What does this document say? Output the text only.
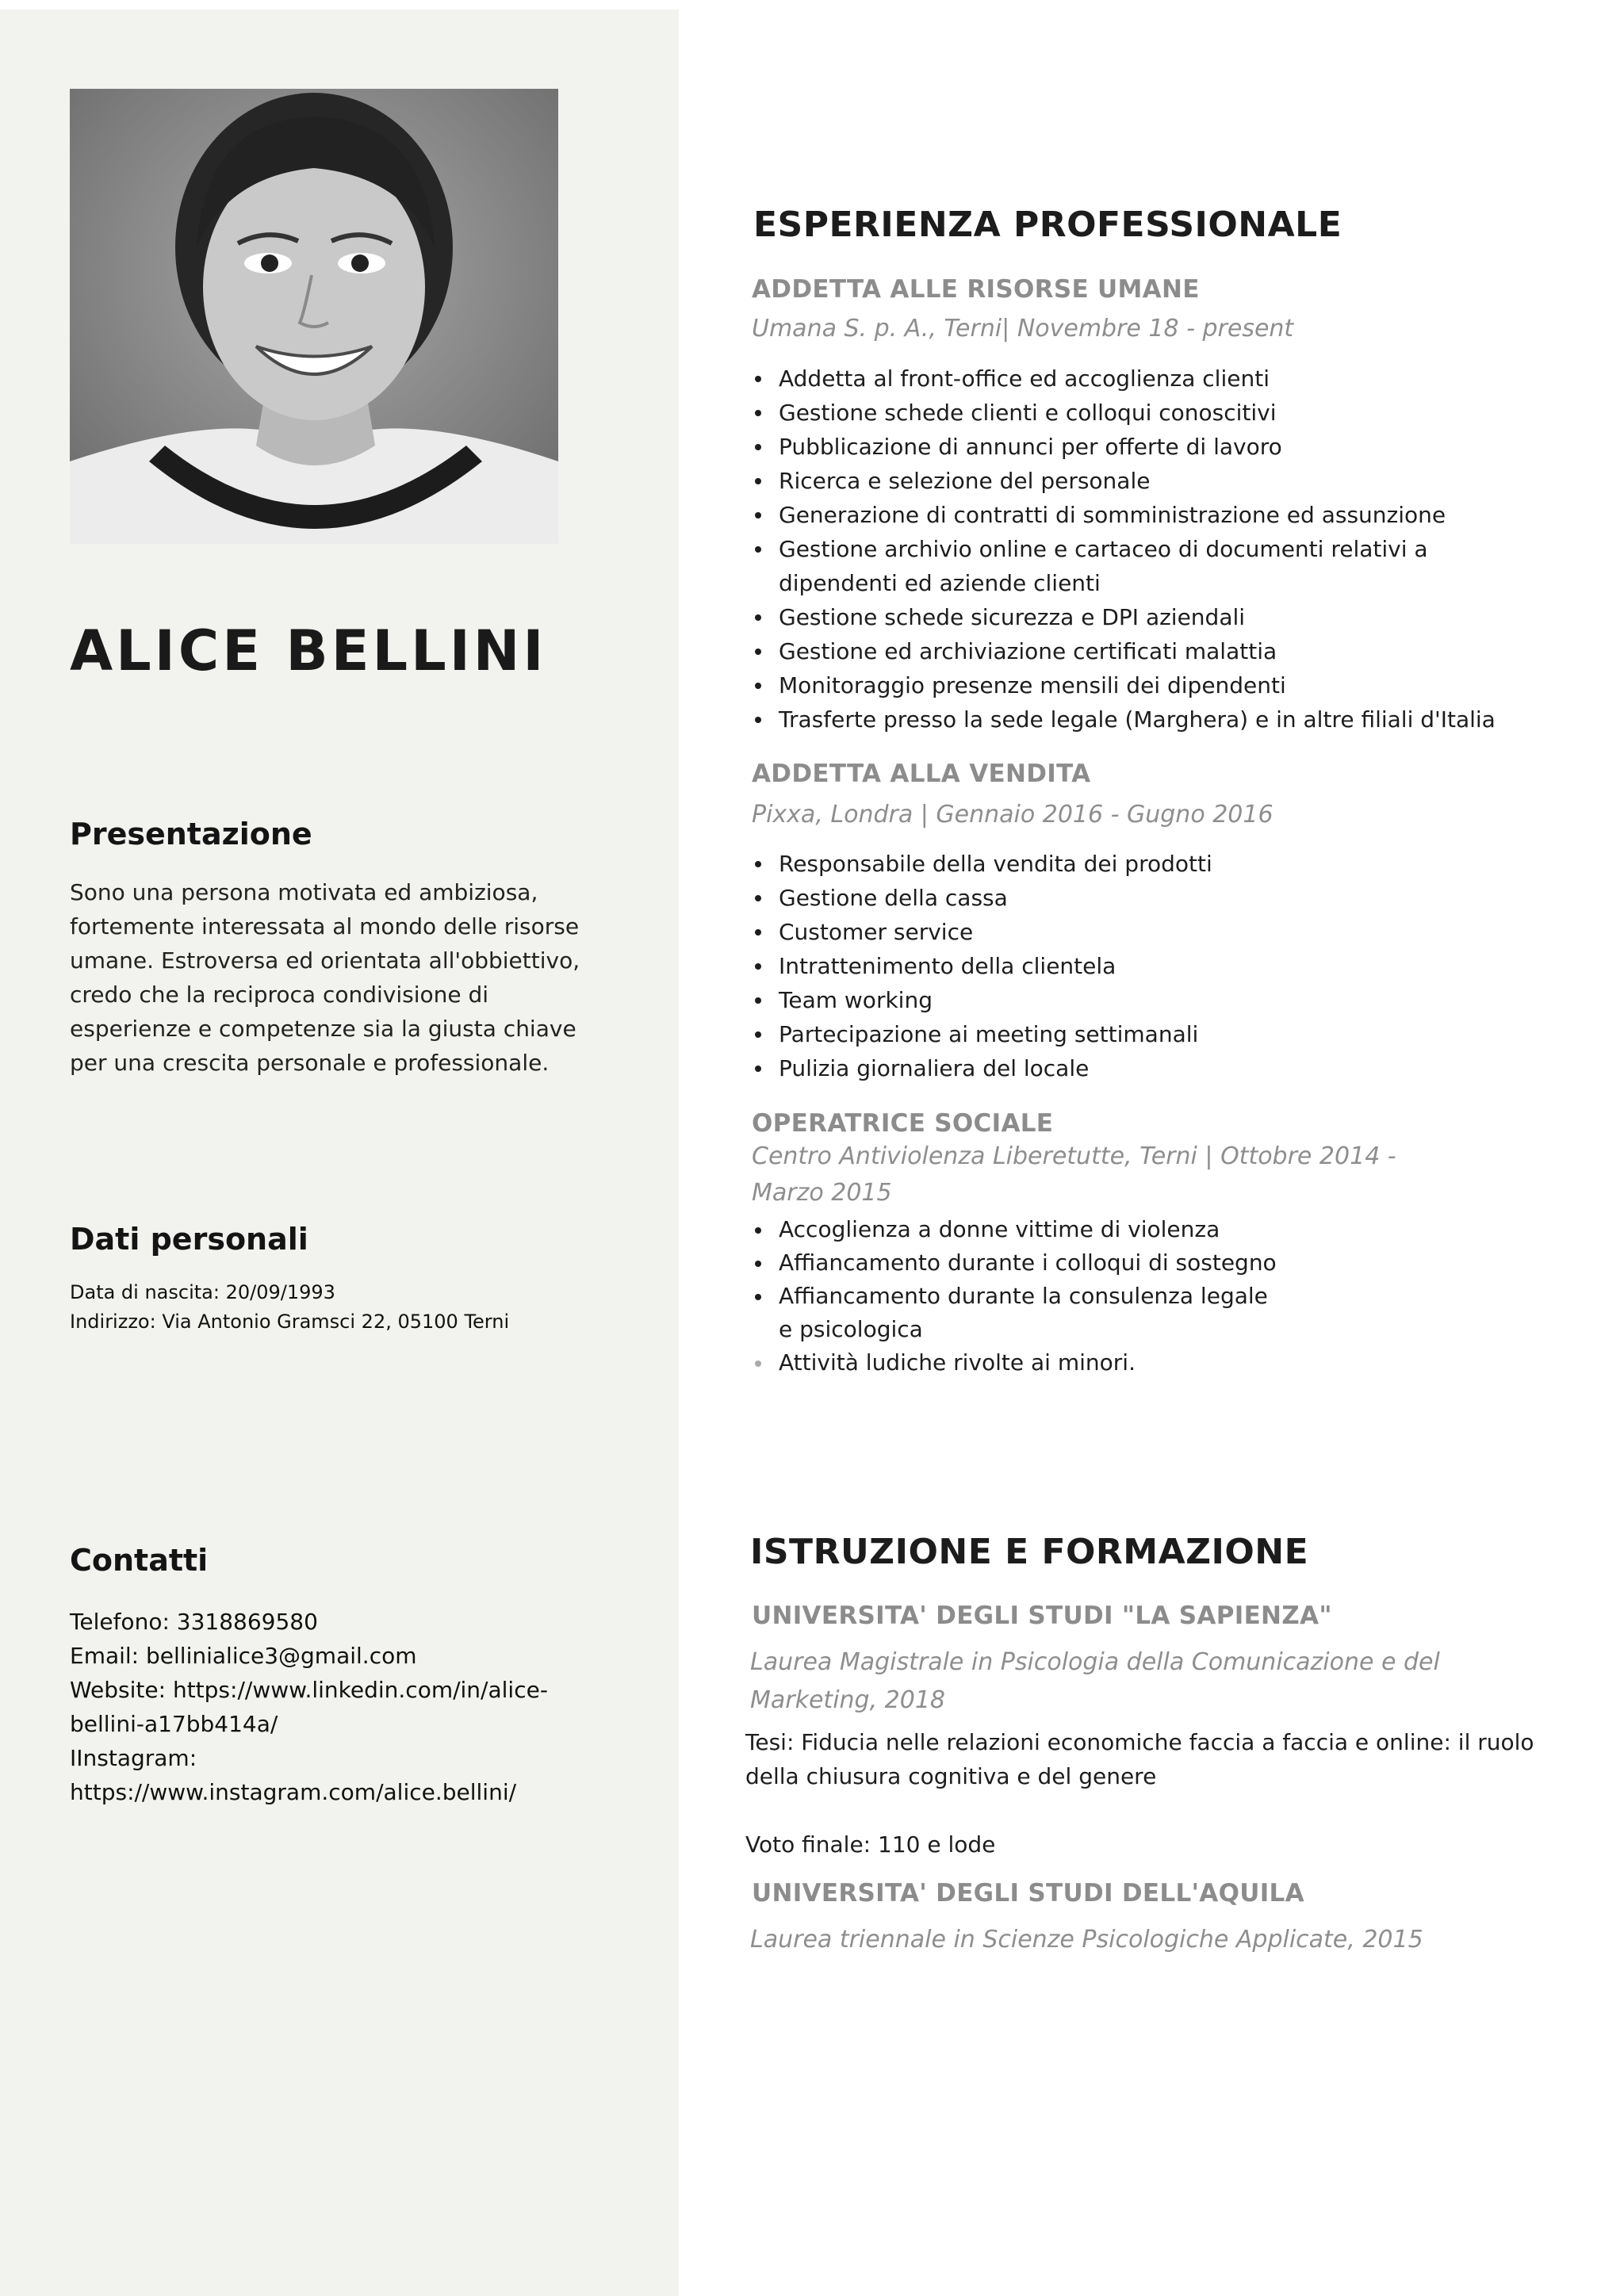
ALICE BELLINI
Presentazione

Sono una persona motivata ed ambiziosa, fortemente interessata al mondo delle risorse umane. Estroversa ed orientata all'obbiettivo, credo che la reciproca condivisione di esperienze e competenze sia la giusta chiave per una crescita personale e professionale.

Dati personali
Data di nascita: 20/09/1993
Indirizzo: Via Antonio Gramsci 22, 05100 Terni
Contatti
Telefono: 3318869580
Email: bellinialice3@gmail.com
Website: https://www.linkedin.com/in/alice-
bellini-a17bb414a/
IInstagram:
https://www.instagram.com/alice.bellini/
ESPERIENZA PROFESSIONALE
ADDETTA ALLE RISORSE UMANE

Umana S. p. A., Terni| Novembre 18 - present

Addetta al front-office ed accoglienza clienti
Gestione schede clienti e colloqui conoscitivi
Pubblicazione di annunci per offerte di lavoro
Ricerca e selezione del personale
Generazione di contratti di somministrazione ed assunzione
Gestione archivio online e cartaceo di documenti relativi a dipendenti ed aziende clienti
Gestione schede sicurezza e DPI aziendali
Gestione ed archiviazione certificati malattia
Monitoraggio presenze mensili dei dipendenti
Trasferte presso la sede legale (Marghera) e in altre filiali d'Italia
ADDETTA ALLA VENDITA

Pixxa, Londra | Gennaio 2016 - Gugno 2016

Responsabile della vendita dei prodotti
Gestione della cassa
Customer service
Intrattenimento della clientela
Team working
Partecipazione ai meeting settimanali
Pulizia giornaliera del locale
OPERATRICE SOCIALE

Centro Antiviolenza Liberetutte, Terni | Ottobre 2014 -

Marzo 2015

Accoglienza a donne vittime di violenza
Affiancamento durante i colloqui di sostegno
Affiancamento durante la consulenza legale e psicologica
Attività ludiche rivolte ai minori.
ISTRUZIONE E FORMAZIONE
UNIVERSITA' DEGLI STUDI "LA SAPIENZA"

Laurea Magistrale in Psicologia della Comunicazione e del

Marketing, 2018

Tesi: Fiducia nelle relazioni economiche faccia a faccia e online: il ruolo

della chiusura cognitiva e del genere

Voto finale: 110 e lode

UNIVERSITA' DEGLI STUDI DELL'AQUILA

Laurea triennale in Scienze Psicologiche Applicate, 2015
